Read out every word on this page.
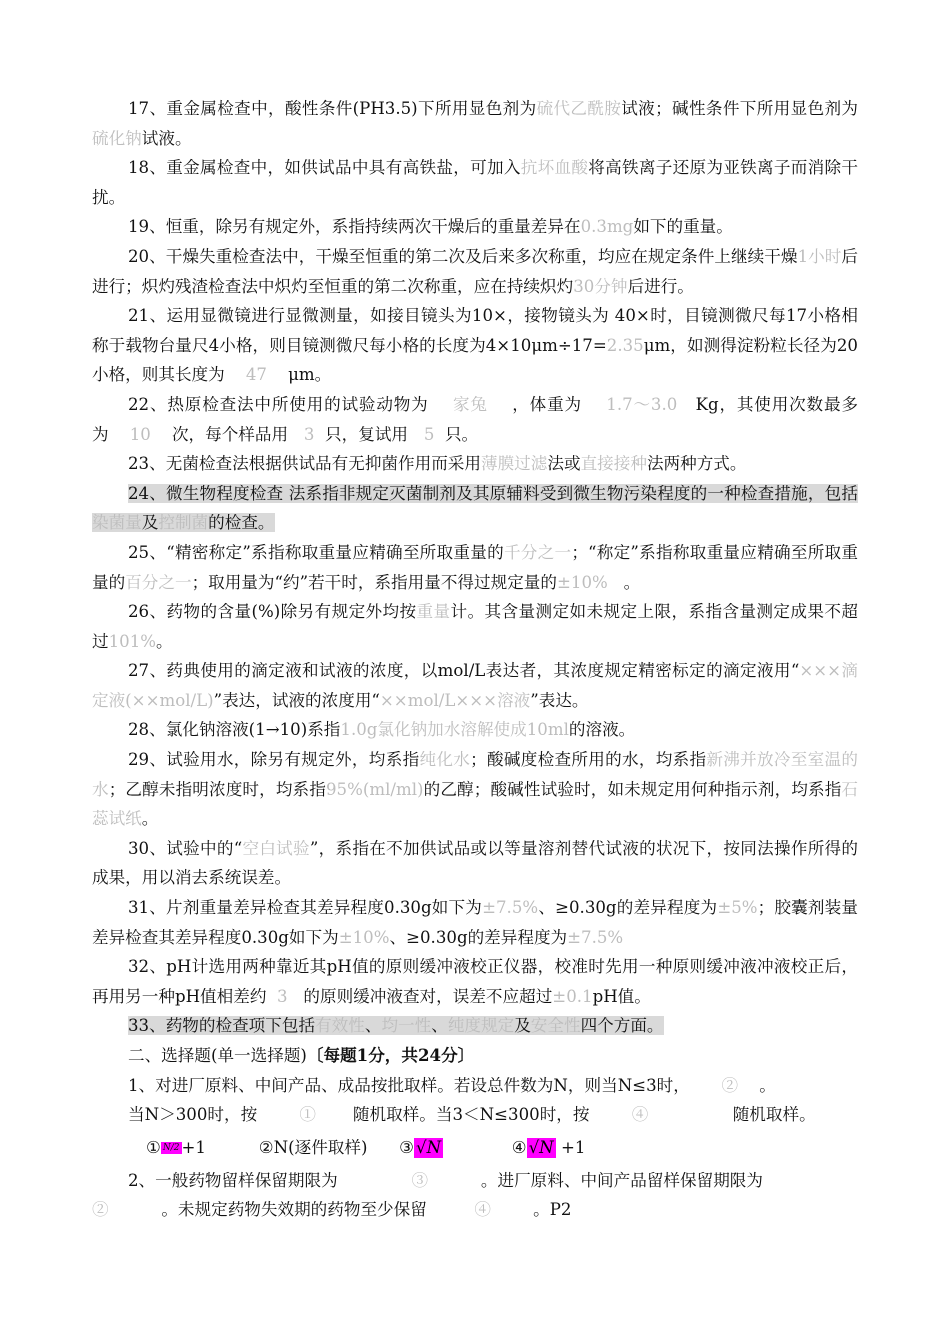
17、重金属检查中，酸性条件(PH3.5)下所用显色剂为硫代乙酰胺试液；碱性条件下所用显色剂为硫化钠试液。
18、重金属检查中，如供试品中具有高铁盐，可加入抗坏血酸将高铁离子还原为亚铁离子而消除干扰。
19、恒重，除另有规定外，系指持续两次干燥后的重量差异在0.3mg如下的重量。
20、干燥失重检查法中，干燥至恒重的第二次及后来多次称重，均应在规定条件上继续干燥1小时后进行；炽灼残渣检查法中炽灼至恒重的第二次称重，应在持续炽灼30分钟后进行。
21、运用显微镜进行显微测量，如接目镜头为10×，接物镜头为 40×时，目镜测微尺每17小格相称于载物台量尺4小格，则目镜测微尺每小格的长度为4×10μm÷17=2.35μm，如测得淀粉粒长径为20小格，则其长度为 47 μm。
22、热原检查法中所使用的试验动物为 家兔 ，体重为 1.7～3.0 Kg，其使用次数最多为 10 次，每个样品用 3 只，复试用 5 只。
23、无菌检查法根据供试品有无抑菌作用而采用薄膜过滤法或直接接种法两种方式。
24、微生物程度检查 法系指非规定灭菌制剂及其原辅料受到微生物污染程度的一种检查措施，包括染菌量及控制菌的检查。
25、“精密称定”系指称取重量应精确至所取重量的千分之一；“称定”系指称取重量应精确至所取重量的百分之一；取用量为“约”若干时，系指用量不得过规定量的±10% 。
26、药物的含量(%)除另有规定外均按重量计。其含量测定如未规定上限，系指含量测定成果不超过101%。
27、药典使用的滴定液和试液的浓度，以mol/L表达者，其浓度规定精密标定的滴定液用“×××滴定液(××mol/L)”表达，试液的浓度用“××mol/L×××溶液”表达。
28、氯化钠溶液(1→10)系指1.0g氯化钠加水溶解使成10ml的溶液。
29、试验用水，除另有规定外，均系指纯化水；酸碱度检查所用的水，均系指新沸并放冷至室温的水；乙醇未指明浓度时，均系指95%(ml/ml)的乙醇；酸碱性试验时，如未规定用何种指示剂，均系指石蕊试纸。
30、试验中的“空白试验”，系指在不加供试品或以等量溶剂替代试液的状况下，按同法操作所得的成果，用以消去系统误差。
31、片剂重量差异检查其差异程度0.30g如下为±7.5%、≥0.30g的差异程度为±5%；胶囊剂装量差异检查其差异程度0.30g如下为±10%、≥0.30g的差异程度为±7.5%
32、pH计选用两种靠近其pH值的原则缓冲液校正仪器，校准时先用一种原则缓冲液冲液校正后，再用另一种pH值相差约 3 的原则缓冲液查对，误差不应超过±0.1pH值。
33、药物的检查项下包括有效性、均一性、纯度规定及安全性四个方面。
二、选择题(单一选择题)〔每题1分，共24分〕
1、对进厂原料、中间产品、成品按批取样。若设总件数为N，则当N≤3时， ② 。
当N＞300时，按	① 随机取样。当3＜N≤300时，按	④	随机取样。
① N/2 +1	②N(逐件取样) ③ √N	④ √N +1
2、一般药物留样保留期限为	③	。进厂原料、中间产品留样保留期限为
②	。未规定药物失效期的药物至少保留	④	。P2
